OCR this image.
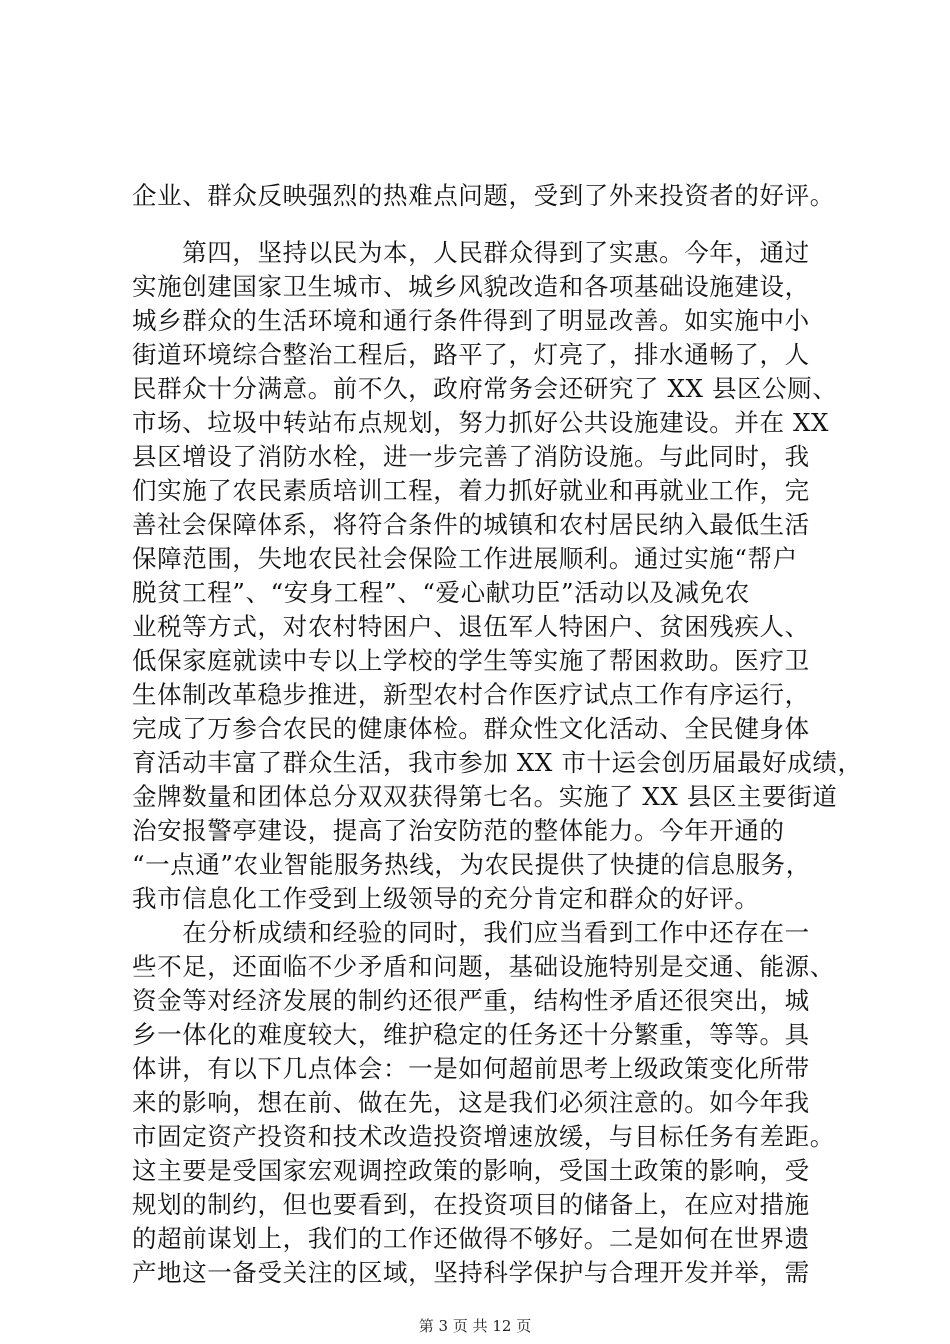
企业、群众反映强烈的热难点问题，受到了外来投资者的好评。
　　第四，坚持以民为本，人民群众得到了实惠。今年，通过
实施创建国家卫生城市、城乡风貌改造和各项基础设施建设，
城乡群众的生活环境和通行条件得到了明显改善。如实施中小
街道环境综合整治工程后，路平了，灯亮了，排水通畅了，人
民群众十分满意。前不久，政府常务会还研究了 XX 县区公厕、
市场、垃圾中转站布点规划，努力抓好公共设施建设。并在 XX
县区增设了消防水栓，进一步完善了消防设施。与此同时，我
们实施了农民素质培训工程，着力抓好就业和再就业工作，完
善社会保障体系，将符合条件的城镇和农村居民纳入最低生活
保障范围，失地农民社会保险工作进展顺利。通过实施“帮户
脱贫工程”、“安身工程”、“爱心献功臣”活动以及减免农
业税等方式，对农村特困户、退伍军人特困户、贫困残疾人、
低保家庭就读中专以上学校的学生等实施了帮困救助。医疗卫
生体制改革稳步推进，新型农村合作医疗试点工作有序运行，
完成了万参合农民的健康体检。群众性文化活动、全民健身体
育活动丰富了群众生活，我市参加 XX 市十运会创历届最好成绩，
金牌数量和团体总分双双获得第七名。实施了 XX 县区主要街道
治安报警亭建设，提高了治安防范的整体能力。今年开通的
“一点通”农业智能服务热线，为农民提供了快捷的信息服务，
我市信息化工作受到上级领导的充分肯定和群众的好评。
　　在分析成绩和经验的同时，我们应当看到工作中还存在一
些不足，还面临不少矛盾和问题，基础设施特别是交通、能源、
资金等对经济发展的制约还很严重，结构性矛盾还很突出，城
乡一体化的难度较大，维护稳定的任务还十分繁重，等等。具
体讲，有以下几点体会：一是如何超前思考上级政策变化所带
来的影响，想在前、做在先，这是我们必须注意的。如今年我
市固定资产投资和技术改造投资增速放缓，与目标任务有差距。
这主要是受国家宏观调控政策的影响，受国土政策的影响，受
规划的制约，但也要看到，在投资项目的储备上，在应对措施
的超前谋划上，我们的工作还做得不够好。二是如何在世界遗
产地这一备受关注的区域，坚持科学保护与合理开发并举，需
第 3 页 共 12 页
